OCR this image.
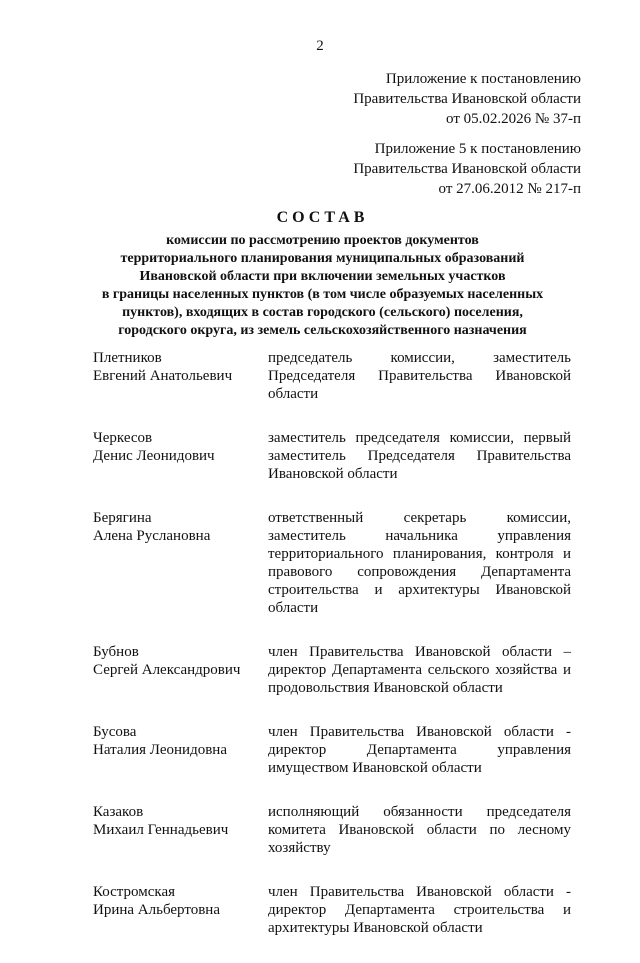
2
Приложение к постановлению
Правительства Ивановской области
от 05.02.2026 № 37-п
Приложение 5 к постановлению
Правительства Ивановской области
от 27.06.2012 № 217-п
СОСТАВ
комиссии по рассмотрению проектов документов
территориального планирования муниципальных образований
Ивановской области при включении земельных участков
в границы населенных пунктов (в том числе образуемых населенных
пунктов), входящих в состав городского (сельского) поселения,
городского округа, из земель сельскохозяйственного назначения
Плетников
Евгений Анатольевич
председатель комиссии, заместитель Председателя Правительства Ивановской области
Черкесов
Денис Леонидович
заместитель председателя комиссии, первый заместитель Председателя Правительства Ивановской области
Берягина
Алена Руслановна
ответственный секретарь комиссии, заместитель начальника управления территориального планирования, контроля и правового сопровождения Департамента строительства и архитектуры Ивановской области
Бубнов
Сергей Александрович
член Правительства Ивановской области – директор Департамента сельского хозяйства и продовольствия Ивановской области
Бусова
Наталия Леонидовна
член Правительства Ивановской области - директор Департамента управления имуществом Ивановской области
Казаков
Михаил Геннадьевич
исполняющий обязанности председателя комитета Ивановской области по лесному хозяйству
Костромская
Ирина Альбертовна
член Правительства Ивановской области - директор Департамента строительства и архитектуры Ивановской области
